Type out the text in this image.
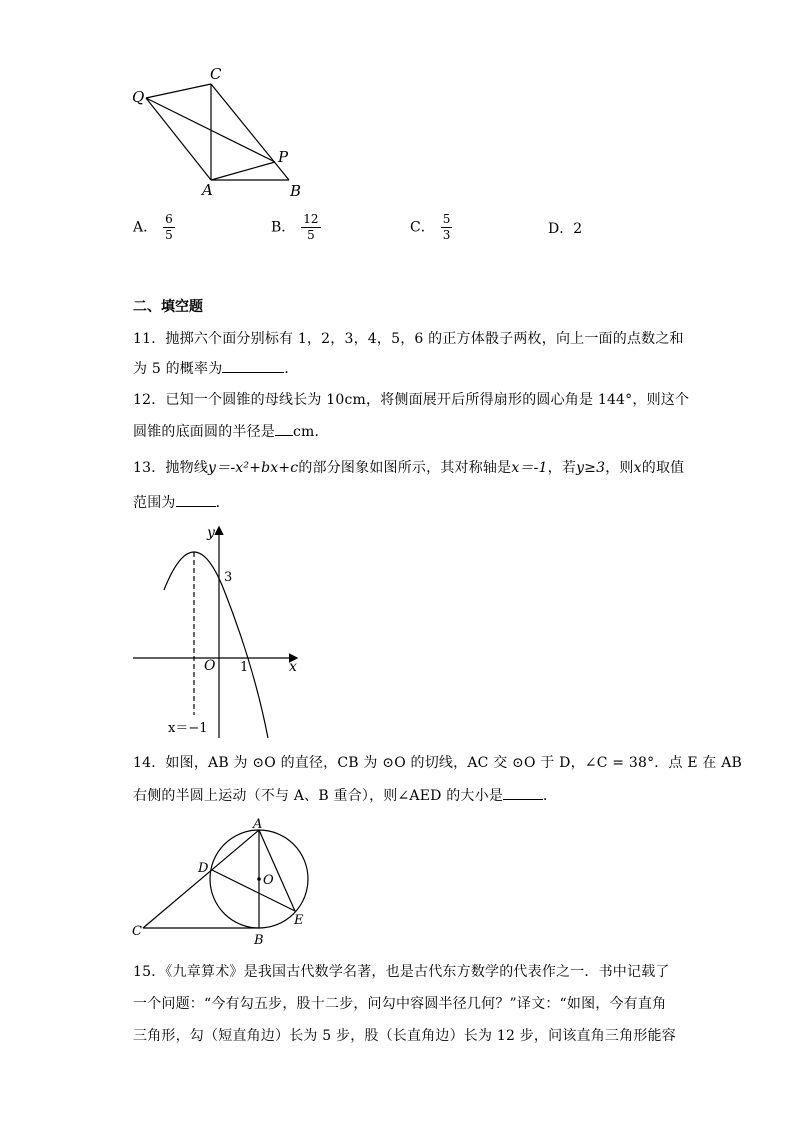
Q
C
P
A	B
A． $\frac{6}{5}$	B． $\frac{12}{5}$	C． $\frac{5}{3}$	D．2
二、填空题
11．抛掷六个面分别标有 1，2，3，4，5，6 的正方体骰子两枚，向上一面的点数之和
为 5 的概率为	．
12．已知一个圆锥的母线长为 10cm，将侧面展开后所得扇形的圆心角是 144°，则这个
圆锥的底面圆的半径是 cm．
13．抛物线y＝-x²+bx+c的部分图象如图所示，其对称轴是x＝-1，若y≥3，则x的取值
范围为	．
y
x
O
3
1
x＝−1
14．如图，AB 为 ⊙O 的直径，CB 为 ⊙O 的切线，AC 交 ⊙O 于 D，∠C = 38°．点 E 在 AB
右侧的半圆上运动（不与 A、B 重合），则∠AED 的大小是	．
A
D
O
C
B
E
15．《九章算术》是我国古代数学名著，也是古代东方数学的代表作之一．书中记载了
一个问题：“今有勾五步，股十二步，问勾中容圆半径几何？”译文：“如图，今有直角
三角形，勾（短直角边）长为 5 步，股（长直角边）长为 12 步，问该直角三角形能容
